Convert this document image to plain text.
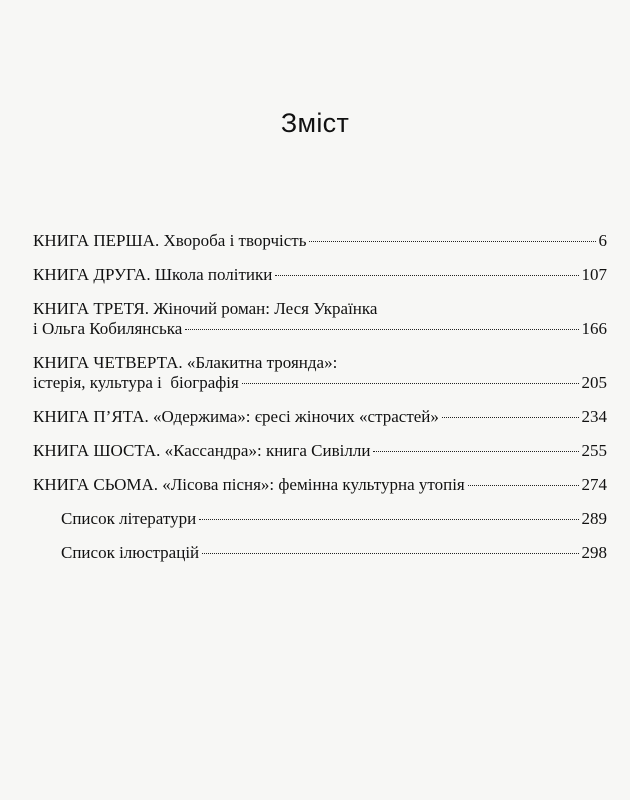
Зміст
КНИГА ПЕРША. Хвороба і творчість	6
КНИГА ДРУГА. Школа політики	107
КНИГА ТРЕТЯ. Жіночий роман: Леся Українка
і Ольга Кобилянська	166
КНИГА ЧЕТВЕРТА. «Блакитна троянда»:
істерія, культура і  біографія	205
КНИГА П’ЯТА. «Одержима»: єресі жіночих «страстей»	234
КНИГА ШОСТА. «Кассандра»: книга Сивілли	255
КНИГА СЬОМА. «Лісова пісня»: фемінна культурна утопія	274
Список літератури	289
Список ілюстрацій	298
